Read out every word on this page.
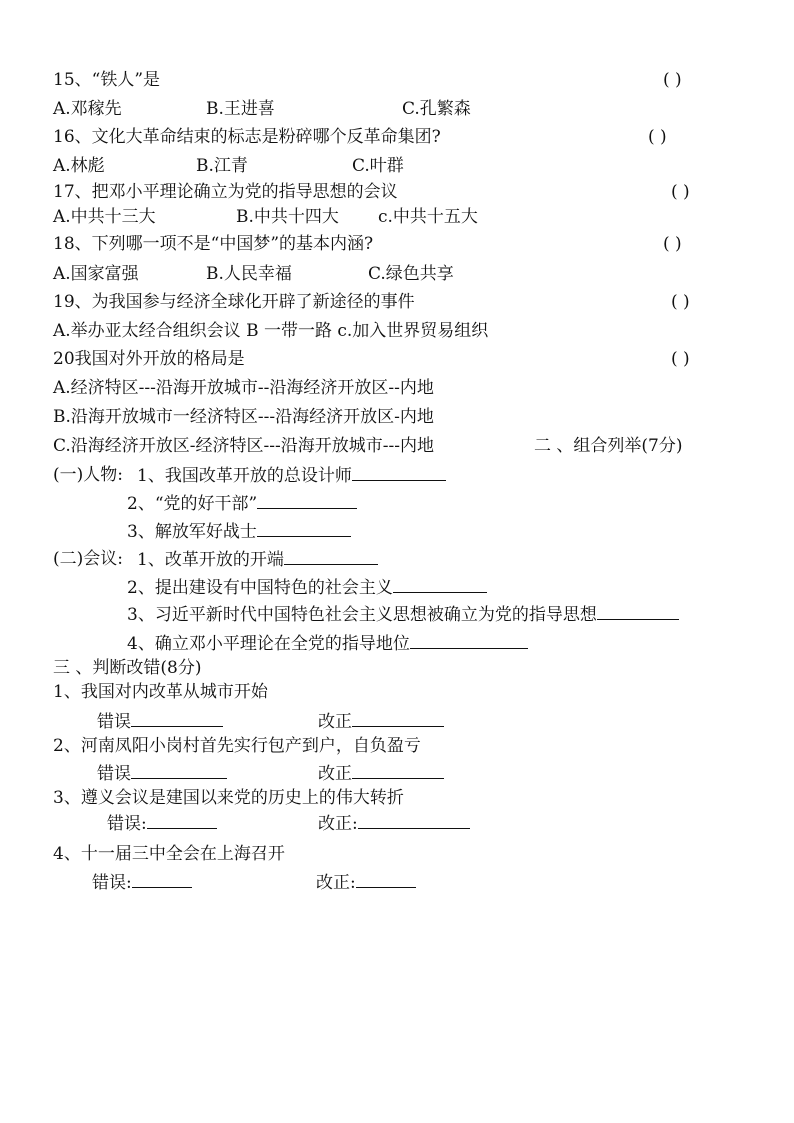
15、“铁人”是	( )
A.邓稼先	B.王进喜	C.孔繁森
16、文化大革命结束的标志是粉碎哪个反革命集团?	( )
A.林彪	B.江青	C.叶群
17、把邓小平理论确立为党的指导思想的会议	( )
A.中共十三大	B.中共十四大 c.中共十五大
18、下列哪一项不是“中国梦”的基本内涵?	( )
A.国家富强	B.人民幸福	C.绿色共享
19、为我国参与经济全球化开辟了新途径的事件	( )
A.举办亚太经合组织会议 B 一带一路 c.加入世界贸易组织
20我国对外开放的格局是	( )
A.经济特区---沿海开放城市--沿海经济开放区--内地
B.沿海开放城市一经济特区---沿海经济开放区-内地
C.沿海经济开放区-经济特区---沿海开放城市---内地	二 、组合列举(7分)
(一)人物: 1、我国改革开放的总设计师
2、“党的好干部”
3、解放军好战士
(二)会议: 1、改革开放的开端
2、提出建设有中国特色的社会主义
3、习近平新时代中国特色社会主义思想被确立为党的指导思想
4、确立邓小平理论在全党的指导地位
三 、判断改错(8分)
1、我国对内改革从城市开始
错误	改正
2、河南凤阳小岗村首先实行包产到户，自负盈亏
错误	改正
3、遵义会议是建国以来党的历史上的伟大转折
错误:	改正:
4、十一届三中全会在上海召开
错误:	改正:
